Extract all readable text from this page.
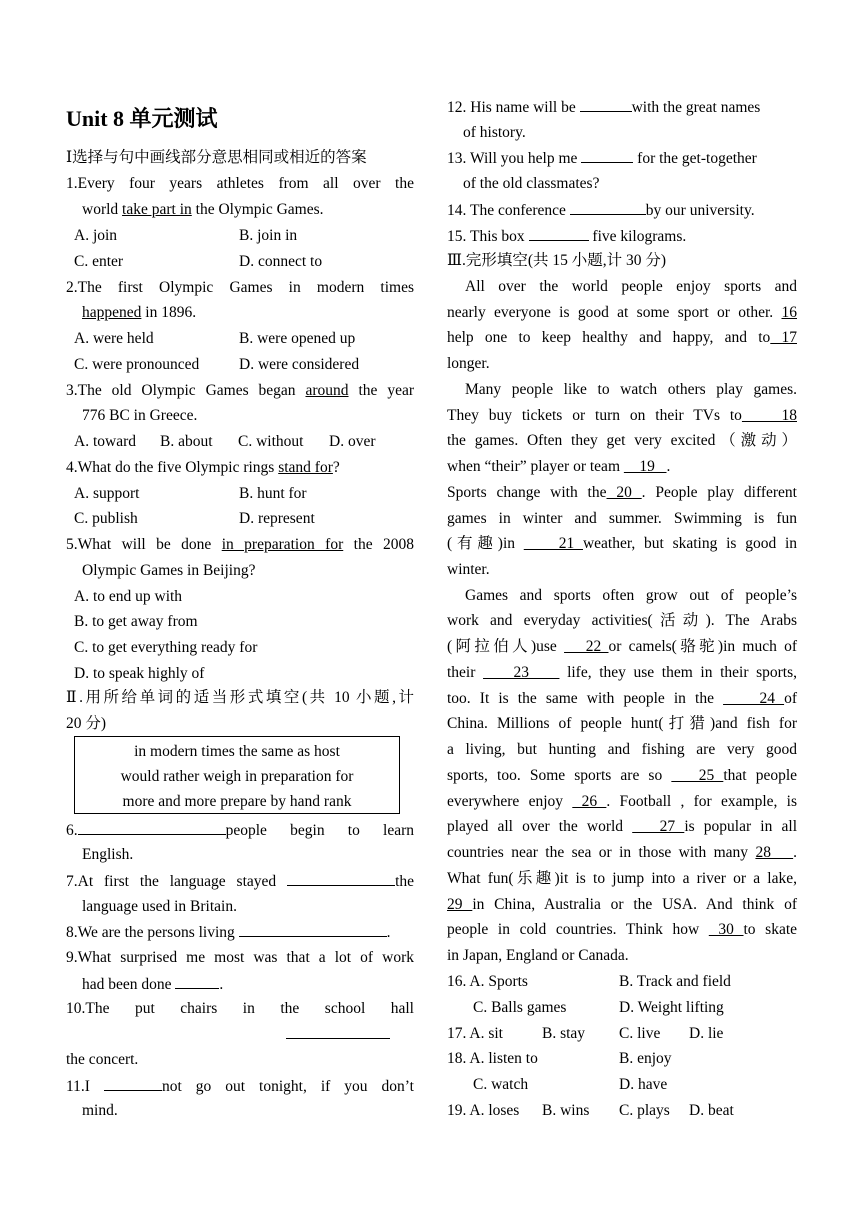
Unit 8 单元测试
Ⅰ选择与句中画线部分意思相同或相近的答案
1.Every four years athletes from all over the
world take part in the Olympic Games.
A. join	B. join in
C. enter	D. connect to
2.The first Olympic Games in modern times
happened in 1896.
A. were held	B. were opened up
C. were pronounced	D. were considered
3.The old Olympic Games began around the year
776 BC in Greece.
A. toward B. about C. without D. over
4.What do the five Olympic rings stand for?
A. support	B. hunt for
C. publish	D. represent
5.What will be done in preparation for the 2008
Olympic Games in Beijing?
A. to end up with
B. to get away from
C. to get everything ready for
D. to speak highly of
Ⅱ.用所给单词的适当形式填空(共 10 小题,计
20 分)
in modern times the same as host
would rather weigh in preparation for
more and more prepare by hand rank
6.	people begin to learn
English.
7.At first the language stayed	the
language used in Britain.
8.We are the persons living	.
9.What surprised me most was that a lot of work
had been done	.
10.The put chairs in the school hall
the concert.
11.I	not go out tonight, if you don’t
mind.
12. His name will be	with the great names
of history.
13. Will you help me	for the get-together
of the old classmates?
14. The conference	by our university.
15. This box	five kilograms.
Ⅲ.完形填空(共 15 小题,计 30 分)
All over the world people enjoy sports and
nearly everyone is good at some sport or other. 16
help one to keep healthy and happy, and to 17
longer.
Many people like to watch others play games.
They buy tickets or turn on their TVs to    18
the games. Often they get very excited（激动）
when “their” player or team     19   .
Sports change with the 20 . People play different
games in winter and summer. Swimming is fun
(有趣)in     21 weather, but skating is good in
winter.
Games and sports often grow out of people’s
work and everyday activities(活动). The Arabs
(阿拉伯人)use    22 or camels(骆驼)in much of
their     23     life, they use them in their sports,
too. It is the same with people in the     24 of
China. Millions of people hunt(打猎)and fish for
a living, but hunting and fishing are very good
sports, too. Some sports are so    25 that people
everywhere enjoy  26 . Football , for example, is
played all over the world    27 is popular in all
countries near the sea or in those with many 28   .
What fun(乐趣)it is to jump into a river or a lake,
29 in China, Australia or the USA. And think of
people in cold countries. Think how  30 to skate
in Japan, England or Canada.
16. A. Sports	B. Track and field
C. Balls games	D. Weight lifting
17. A. sit	B. stay C. live D. lie
18. A. listen to	B. enjoy
C. watch	D. have
19. A. loses B. wins C. plays D. beat
